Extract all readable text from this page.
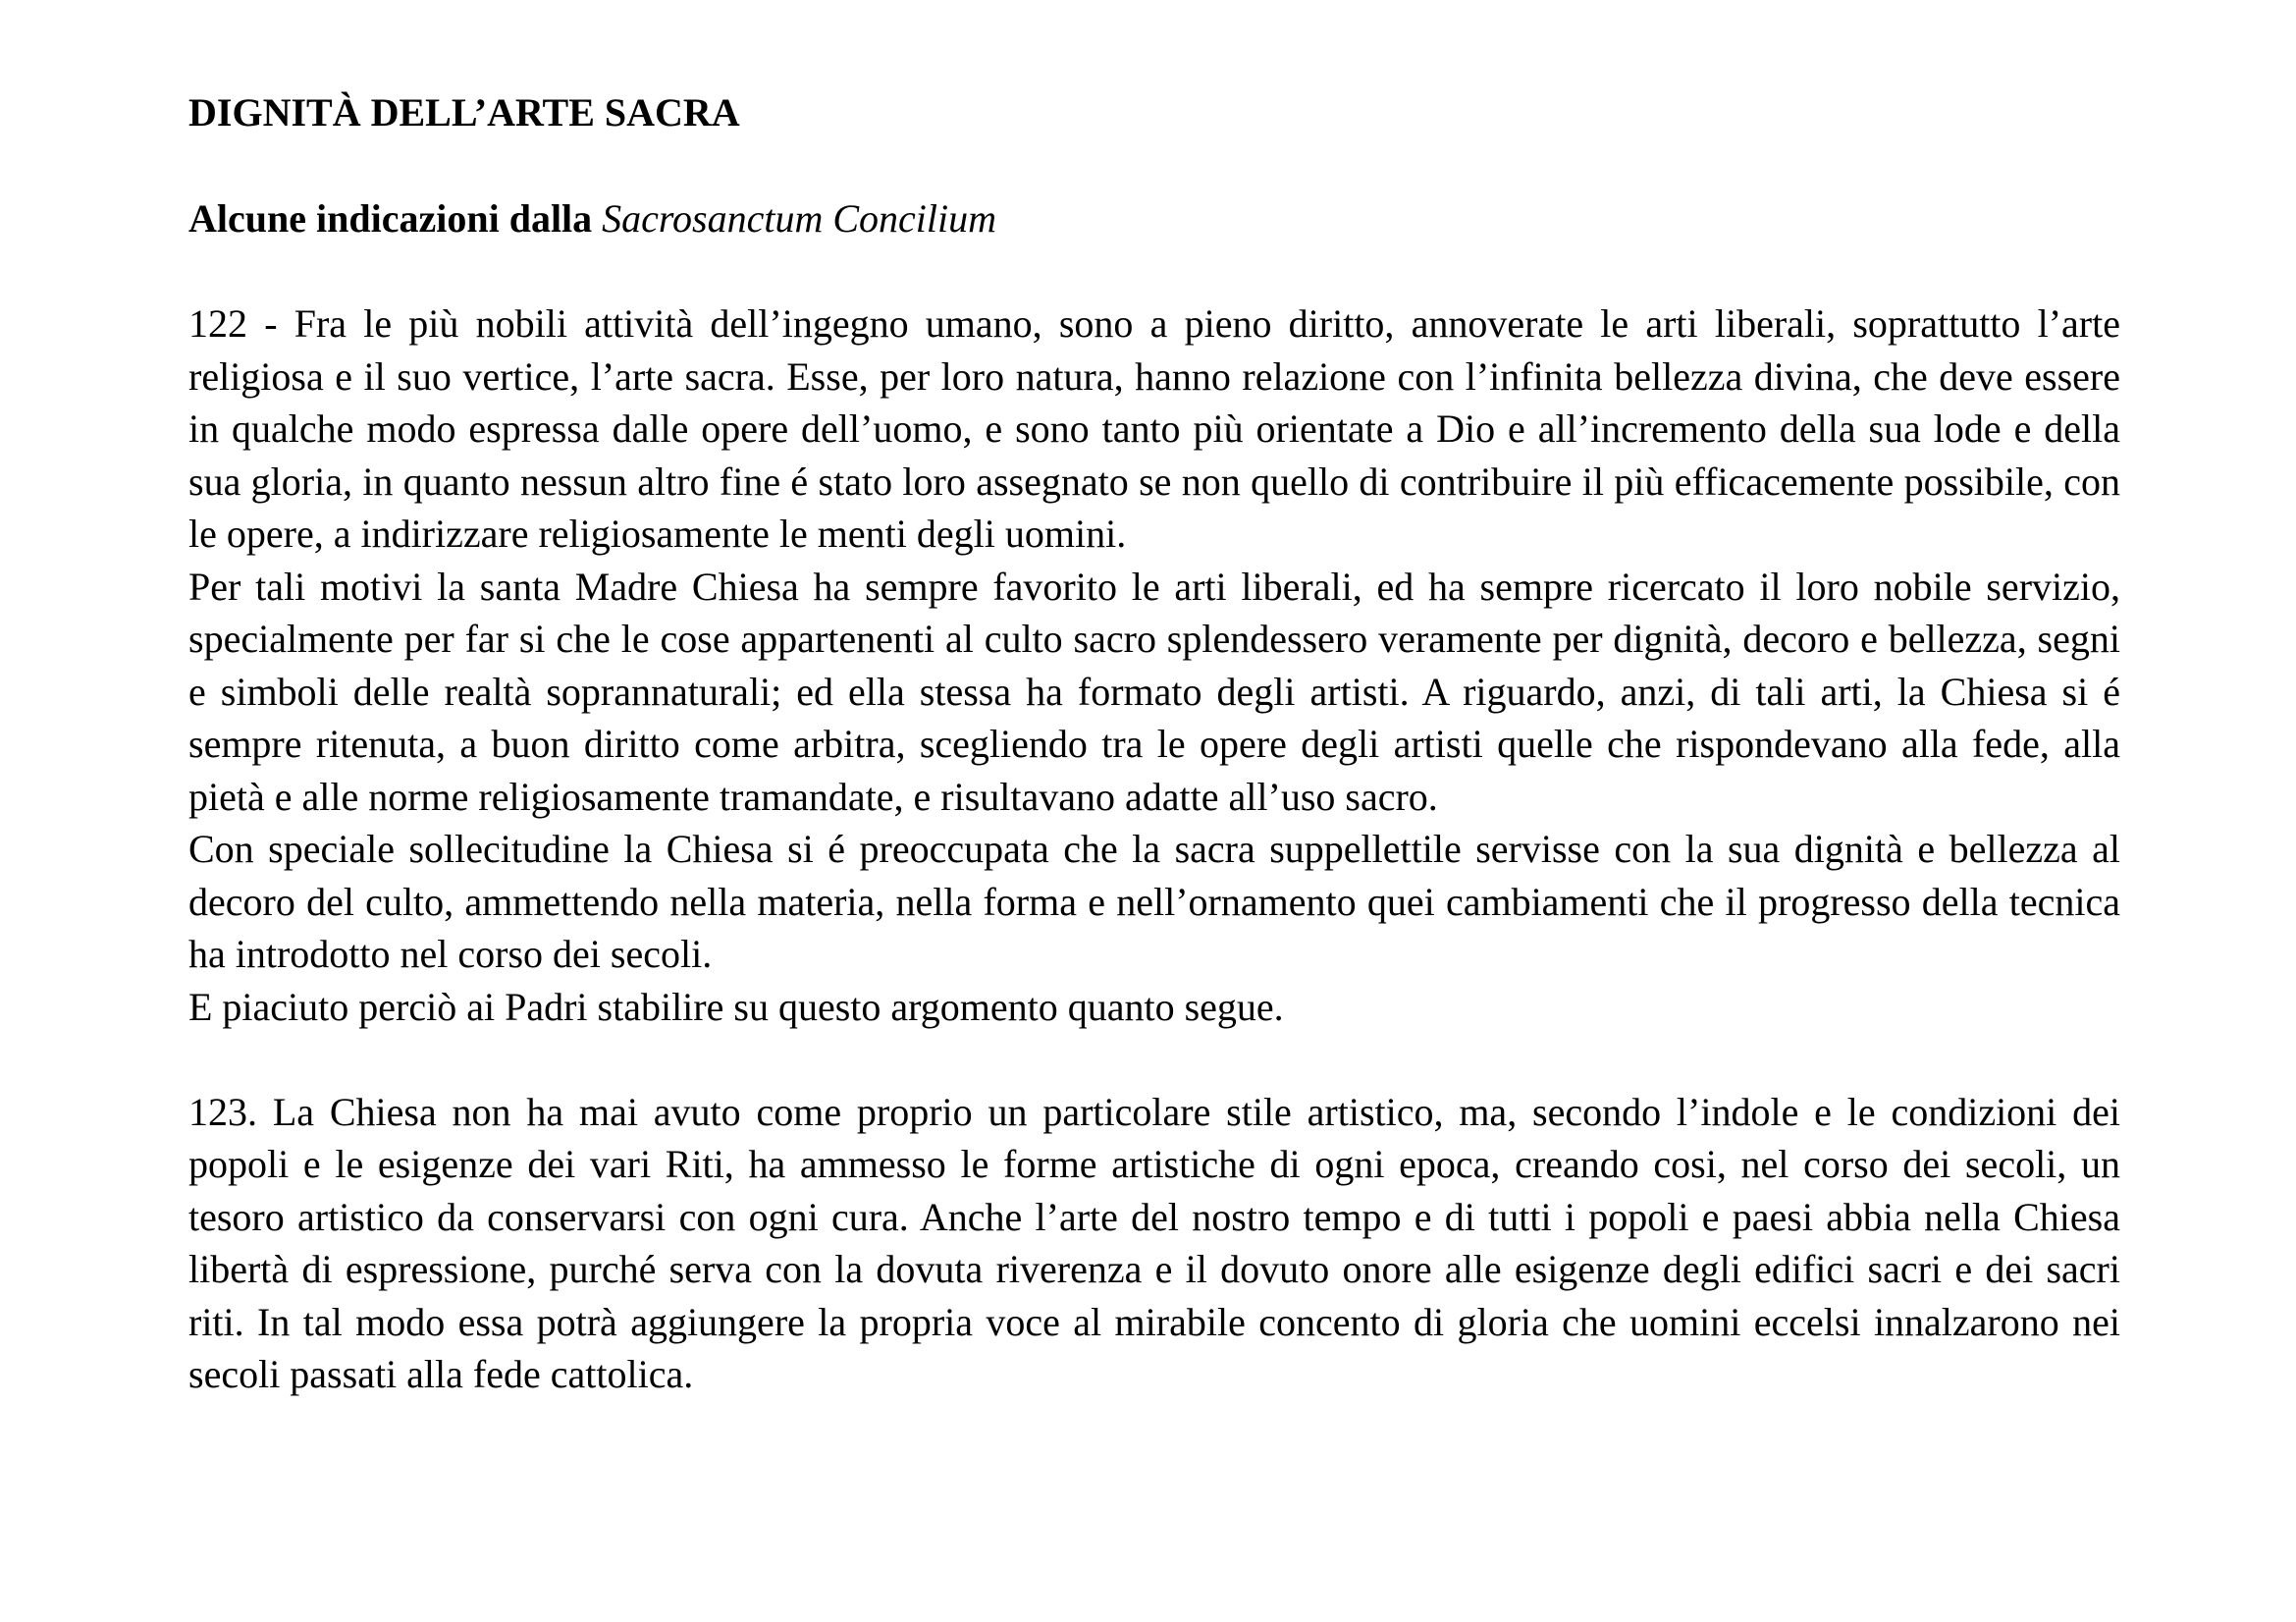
DIGNITÀ DELL’ARTE SACRA

Alcune indicazioni dalla Sacrosanctum Concilium

122 - Fra le più nobili attività dell’ingegno umano, sono a pieno diritto, annoverate le arti liberali, soprattutto l’arte religiosa e il suo vertice, l’arte sacra. Esse, per loro natura, hanno relazione con l’infinita bellezza divina, che deve essere in qualche modo espressa dalle opere dell’uomo, e sono tanto più orientate a Dio e all’incremento della sua lode e della sua gloria, in quanto nessun altro fine é stato loro assegnato se non quello di contribuire il più efficacemente possibile, con le opere, a indirizzare religiosamente le menti degli uomini.

Per tali motivi la santa Madre Chiesa ha sempre favorito le arti liberali, ed ha sempre ricercato il loro nobile servizio, specialmente per far si che le cose appartenenti al culto sacro splendessero veramente per dignità, decoro e bellezza, segni e simboli delle realtà soprannaturali; ed ella stessa ha formato degli artisti. A riguardo, anzi, di tali arti, la Chiesa si é sempre ritenuta, a buon diritto come arbitra, scegliendo tra le opere degli artisti quelle che rispondevano alla fede, alla pietà e alle norme religiosamente tramandate, e risultavano adatte all’uso sacro.

Con speciale sollecitudine la Chiesa si é preoccupata che la sacra suppellettile servisse con la sua dignità e bellezza al decoro del culto, ammettendo nella materia, nella forma e nell’ornamento quei cambiamenti che il progresso della tecnica ha introdotto nel corso dei secoli.

E piaciuto perciò ai Padri stabilire su questo argomento quanto segue.

123. La Chiesa non ha mai avuto come proprio un particolare stile artistico, ma, secondo l’indole e le condizioni dei popoli e le esigenze dei vari Riti, ha ammesso le forme artistiche di ogni epoca, creando cosi, nel corso dei secoli, un tesoro artistico da conservarsi con ogni cura. Anche l’arte del nostro tempo e di tutti i popoli e paesi abbia nella Chiesa libertà di espressione, purché serva con la dovuta riverenza e il dovuto onore alle esigenze degli edifici sacri e dei sacri riti. In tal modo essa potrà aggiungere la propria voce al mirabile concento di gloria che uomini eccelsi innalzarono nei secoli passati alla fede cattolica.
